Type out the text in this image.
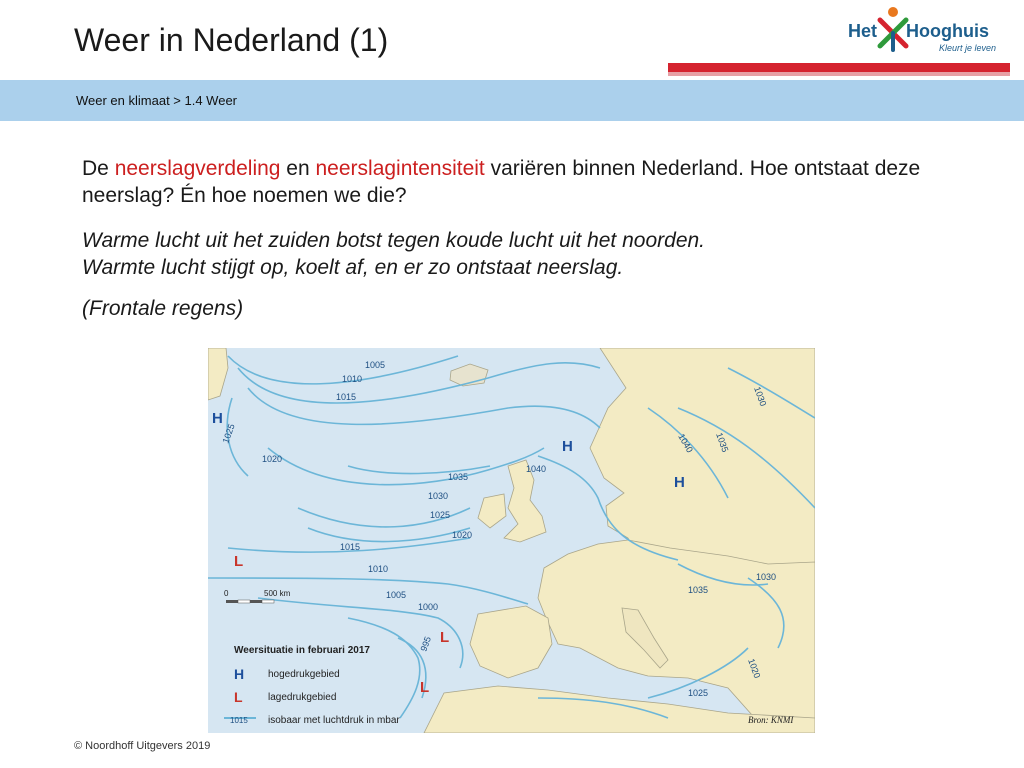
Weer in Nederland (1)	Het Hooghuis
Kleurt je leven
Weer en klimaat > 1.4 Weer
De neerslagverdeling en neerslagintensiteit variëren binnen Nederland. Hoe ontstaat deze neerslag? Én hoe noemen we die?
Warme lucht uit het zuiden botst tegen koude lucht uit het noorden.
Warmte lucht stijgt op, koelt af, en er zo ontstaat neerslag.
(Frontale regens)
1005
1010
1015
1025
1020
1035
1030
1025
1020
1015
1010
1005
1000
995
1040
1040 1035
1030
1035
1030
1020
1025
H
H
H
L
L
L
0	500 km
Weersituatie in februari 2017
H hogedrukgebied
L	lagedrukgebied
1015 isobaar met luchtdruk in mbar	Bron: KNMI
© Noordhoff Uitgevers 2019
